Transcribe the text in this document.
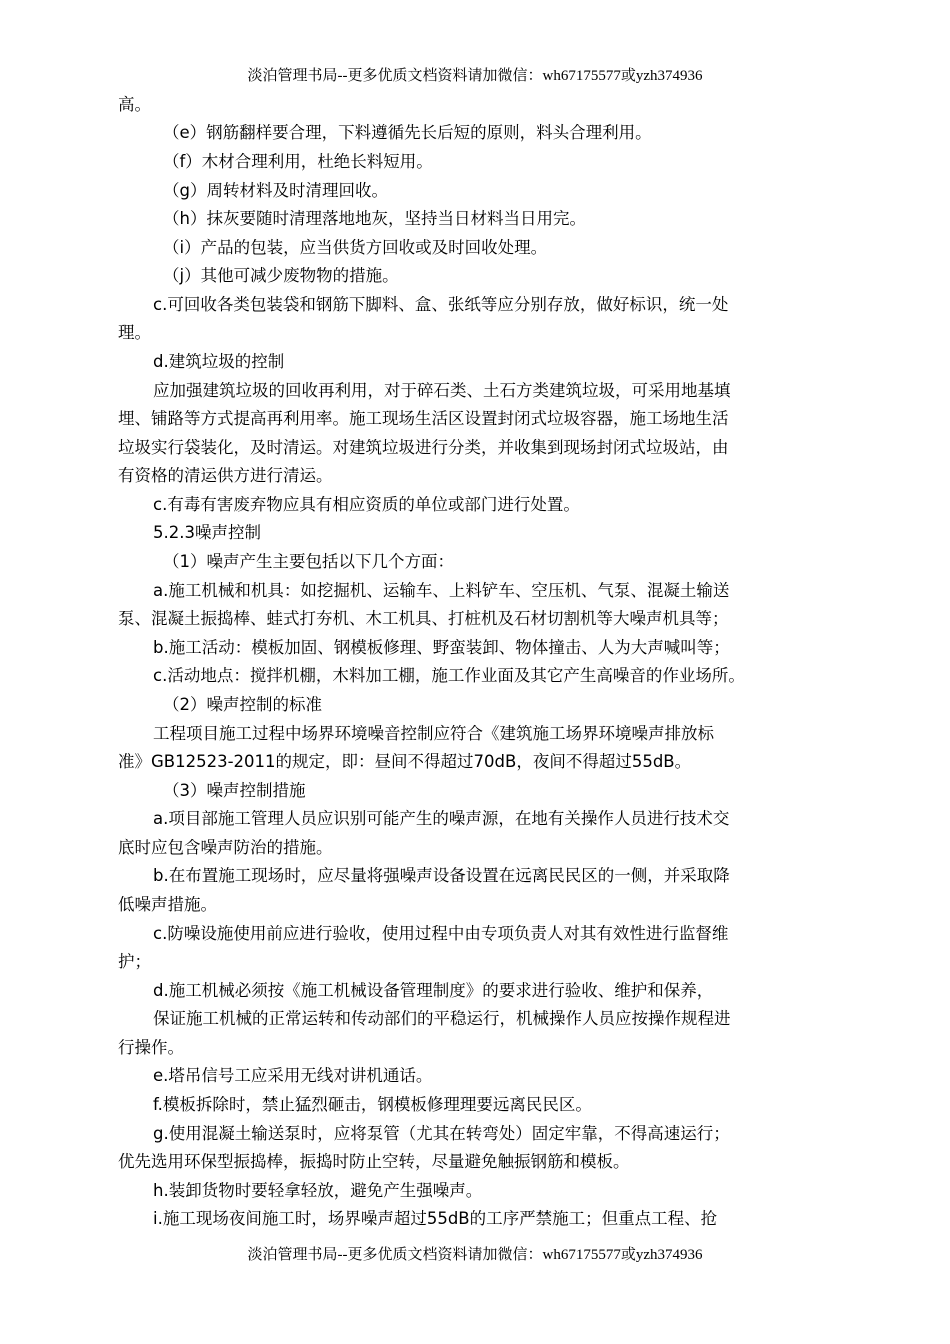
淡泊管理书局--更多优质文档资料请加微信：wh67175577或yzh374936
高。
（e）钢筋翻样要合理，下料遵循先长后短的原则，料头合理利用。
（f）木材合理利用，杜绝长料短用。
（g）周转材料及时清理回收。
（h）抹灰要随时清理落地地灰，坚持当日材料当日用完。
（i）产品的包装，应当供货方回收或及时回收处理。
（j）其他可减少废物物的措施。
c.可回收各类包装袋和钢筋下脚料、盒、张纸等应分别存放，做好标识，统一处
理。
d.建筑垃圾的控制
应加强建筑垃圾的回收再利用，对于碎石类、土石方类建筑垃圾，可采用地基填
埋、铺路等方式提高再利用率。施工现场生活区设置封闭式垃圾容器，施工场地生活
垃圾实行袋装化，及时清运。对建筑垃圾进行分类，并收集到现场封闭式垃圾站，由
有资格的清运供方进行清运。
c.有毒有害废弃物应具有相应资质的单位或部门进行处置。
5.2.3噪声控制
（1）噪声产生主要包括以下几个方面：
a.施工机械和机具：如挖掘机、运输车、上料铲车、空压机、气泵、混凝土输送
泵、混凝土振捣棒、蛙式打夯机、木工机具、打桩机及石材切割机等大噪声机具等；
b.施工活动：模板加固、钢模板修理、野蛮装卸、物体撞击、人为大声喊叫等；
c.活动地点：搅拌机棚，木料加工棚，施工作业面及其它产生高噪音的作业场所。
（2）噪声控制的标准
工程项目施工过程中场界环境噪音控制应符合《建筑施工场界环境噪声排放标
准》GB12523-2011的规定，即：昼间不得超过70dB，夜间不得超过55dB。
（3）噪声控制措施
a.项目部施工管理人员应识别可能产生的噪声源，在地有关操作人员进行技术交
底时应包含噪声防治的措施。
b.在布置施工现场时，应尽量将强噪声设备设置在远离民民区的一侧，并采取降
低噪声措施。
c.防噪设施使用前应进行验收，使用过程中由专项负责人对其有效性进行监督维
护；
d.施工机械必须按《施工机械设备管理制度》的要求进行验收、维护和保养，
保证施工机械的正常运转和传动部们的平稳运行，机械操作人员应按操作规程进
行操作。
e.塔吊信号工应采用无线对讲机通话。
f.模板拆除时，禁止猛烈砸击，钢模板修理理要远离民民区。
g.使用混凝土输送泵时，应将泵管（尤其在转弯处）固定牢靠，不得高速运行；
优先选用环保型振捣棒，振捣时防止空转，尽量避免触振钢筋和模板。
h.装卸货物时要轻拿轻放，避免产生强噪声。
i.施工现场夜间施工时，场界噪声超过55dB的工序严禁施工；但重点工程、抢
淡泊管理书局--更多优质文档资料请加微信：wh67175577或yzh374936
